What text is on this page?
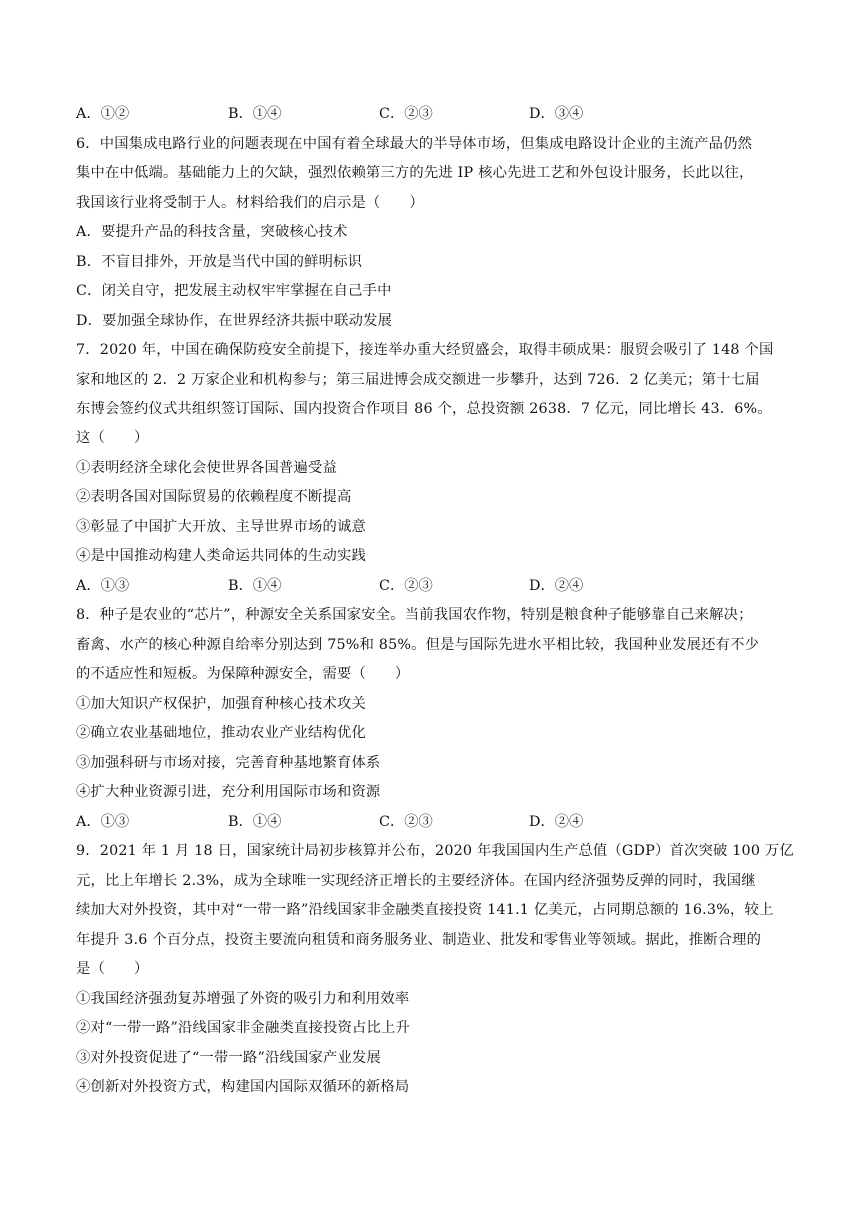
A．①②	B．①④	C．②③	D．③④
6．中国集成电路行业的问题表现在中国有着全球最大的半导体市场，但集成电路设计企业的主流产品仍然
集中在中低端。基础能力上的欠缺，强烈依赖第三方的先进 IP 核心先进工艺和外包设计服务，长此以往，
我国该行业将受制于人。材料给我们的启示是（　　）
A．要提升产品的科技含量，突破核心技术
B．不盲目排外，开放是当代中国的鲜明标识
C．闭关自守，把发展主动权牢牢掌握在自己手中
D．要加强全球协作，在世界经济共振中联动发展
7．2020 年，中国在确保防疫安全前提下，接连举办重大经贸盛会，取得丰硕成果：服贸会吸引了 148 个国
家和地区的 2．2 万家企业和机构参与；第三届进博会成交额进一步攀升，达到 726．2 亿美元；第十七届
东博会签约仪式共组织签订国际、国内投资合作项目 86 个，总投资额 2638．7 亿元，同比增长 43．6%。
这（　　）
①表明经济全球化会使世界各国普遍受益
②表明各国对国际贸易的依赖程度不断提高
③彰显了中国扩大开放、主导世界市场的诚意
④是中国推动构建人类命运共同体的生动实践
A．①③	B．①④	C．②③	D．②④
8．种子是农业的“芯片”，种源安全关系国家安全。当前我国农作物，特别是粮食种子能够靠自己来解决；
畜禽、水产的核心种源自给率分别达到 75%和 85%。但是与国际先进水平相比较，我国种业发展还有不少
的不适应性和短板。为保障种源安全，需要（　　）
①加大知识产权保护，加强育种核心技术攻关
②确立农业基础地位，推动农业产业结构优化
③加强科研与市场对接，完善育种基地繁育体系
④扩大种业资源引进，充分利用国际市场和资源
A．①③	B．①④	C．②③	D．②④
9．2021 年 1 月 18 日，国家统计局初步核算并公布，2020 年我国国内生产总值（GDP）首次突破 100 万亿
元，比上年增长 2.3%，成为全球唯一实现经济正增长的主要经济体。在国内经济强势反弹的同时，我国继
续加大对外投资，其中对“一带一路”沿线国家非金融类直接投资 141.1 亿美元，占同期总额的 16.3%，较上
年提升 3.6 个百分点，投资主要流向租赁和商务服务业、制造业、批发和零售业等领域。据此，推断合理的
是（　　）
①我国经济强劲复苏增强了外资的吸引力和利用效率
②对“一带一路”沿线国家非金融类直接投资占比上升
③对外投资促进了“一带一路”沿线国家产业发展
④创新对外投资方式，构建国内国际双循环的新格局
